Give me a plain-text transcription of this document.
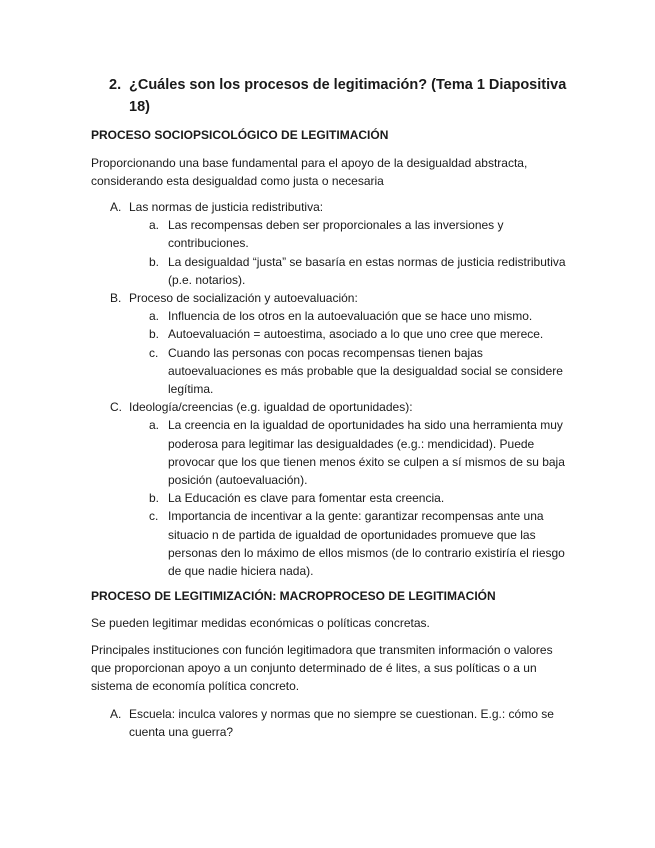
2. ¿Cuáles son los procesos de legitimación? (Tema 1 Diapositiva 18)
PROCESO SOCIOPSICOLÓGICO DE LEGITIMACIÓN
Proporcionando una base fundamental para el apoyo de la desigualdad abstracta, considerando esta desigualdad como justa o necesaria
A. Las normas de justicia redistributiva:
a. Las recompensas deben ser proporcionales a las inversiones y contribuciones.
b. La desigualdad “justa” se basaría en estas normas de justicia redistributiva (p.e. notarios).
B. Proceso de socialización y autoevaluación:
a. Influencia de los otros en la autoevaluación que se hace uno mismo.
b. Autoevaluación = autoestima, asociado a lo que uno cree que merece.
c. Cuando las personas con pocas recompensas tienen bajas autoevaluaciones es más probable que la desigualdad social se considere legítima.
C. Ideología/creencias (e.g. igualdad de oportunidades):
a. La creencia en la igualdad de oportunidades ha sido una herramienta muy poderosa para legitimar las desigualdades (e.g.: mendicidad). Puede provocar que los que tienen menos éxito se culpen a sí mismos de su baja posición (autoevaluación).
b. La Educación es clave para fomentar esta creencia.
c. Importancia de incentivar a la gente: garantizar recompensas ante una situacio n de partida de igualdad de oportunidades promueve que las personas den lo máximo de ellos mismos (de lo contrario existiría el riesgo de que nadie hiciera nada).
PROCESO DE LEGITIMIZACIÓN: MACROPROCESO DE LEGITIMACIÓN
Se pueden legitimar medidas económicas o políticas concretas.
Principales instituciones con función legitimadora que transmiten información o valores que proporcionan apoyo a un conjunto determinado de é lites, a sus políticas o a un sistema de economía política concreto.
A. Escuela: inculca valores y normas que no siempre se cuestionan. E.g.: cómo se cuenta una guerra?
